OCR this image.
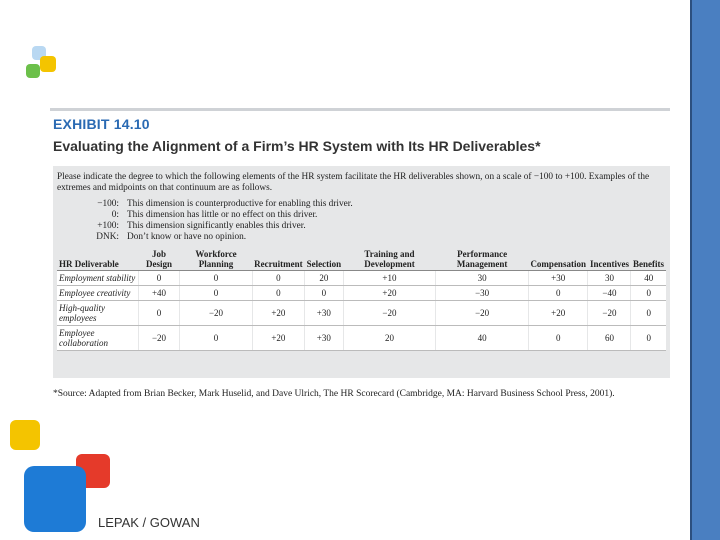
EXHIBIT 14.10
Evaluating the Alignment of a Firm’s HR System with Its HR Deliverables*

Please indicate the degree to which the following elements of the HR system facilitate the HR deliverables shown, on a scale of −100 to +100. Examples of the extremes and midpoints on that continuum are as follows.

−100: This dimension is counterproductive for enabling this driver.
0: This dimension has little or no effect on this driver.
+100: This dimension significantly enables this driver.
DNK: Don’t know or have no opinion.
HR Deliverable	Job Design	Workforce Planning	Recruitment	Selection	Training and Development	Performance Management	Compensation	Incentives	Benefits
Employment stability	0	0	0	20	+10	30	+30	30	40
Employee creativity	+40	0	0	0	+20	−30	0	−40	0
High-quality employees	0	−20	+20	+30	−20	−20	+20	−20	0
Employee collaboration	−20	0	+20	+30	20	40	0	60	0
*Source: Adapted from Brian Becker, Mark Huselid, and Dave Ulrich, The HR Scorecard (Cambridge, MA: Harvard Business School Press, 2001).
LEPAK / GOWAN
